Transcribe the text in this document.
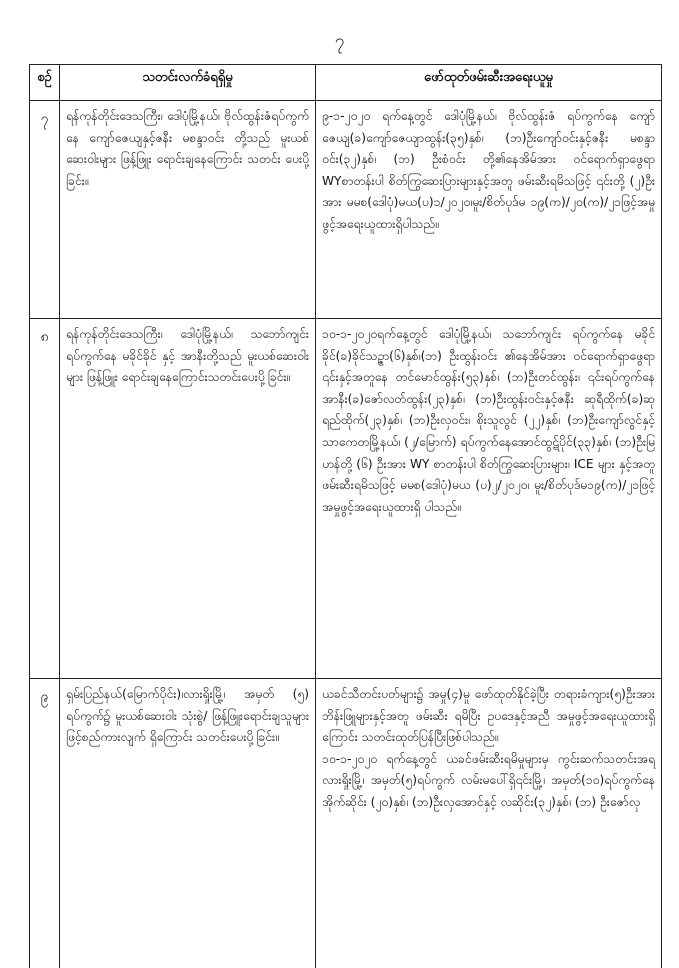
၇
စဉ်	သတင်းလက်ခံရရှိမှု	ဖော်ထုတ်ဖမ်းဆီးအရေးယူမှု
၇	ရန်ကုန်တိုင်းဒေသကြီး၊ ဒေါပုံမြို့နယ်၊ ဗိုလ်ထွန်းဇံရပ်ကွက်နေ ကျော်ဇေယျနှင့်ဇနီး မစန္ဒာဝင်း တို့သည် မူးယစ်ဆေးဝါးများ ဖြန့်ဖြူး ရောင်းချနေကြောင်း သတင်း ပေးပို့ခြင်း။	၉-၁-၂၀၂၀ ရက်နေ့တွင် ဒေါပုံမြို့နယ်၊ ဗိုလ်ထွန်းဇံ ရပ်ကွက်နေ ကျော်ဇေယျ(ခ)ကျော်ဇေယျာထွန်း(၃၅)နှစ်၊ (ဘ)ဦးကျော်ဝင်းနှင့်ဇနီး မစန္ဒာဝင်း(၃၂)နှစ်၊ (ဘ) ဦးစံဝင်း တို့၏နေအိမ်အား ဝင်ရောက်ရှာဖွေရာ WYစာတန်းပါ စိတ်ကြွဆေးပြားများနှင့်အတူ ဖမ်းဆီးရမိသဖြင့် ၎င်းတို့ (၂)ဦးအား မမစ(ဒေါပုံ)မယ(ပ)၁/၂၀၂၀၊မူး/စိတ်ပုဒ်မ ၁၉(က)/၂၀(က)/၂၁ဖြင့်အမှုဖွင့်အရေးယူထားရှိပါသည်။

၈	ရန်ကုန်တိုင်းဒေသကြီး၊ ဒေါပုံမြို့နယ်၊ သဘော်ကျင်း ရပ်ကွက်နေ မခိုင်ခိုင် နှင့် အာနီးတို့သည် မူးယစ်ဆေးဝါးများ ဖြန့်ဖြူး ရောင်းချနေကြောင်းသတင်းပေးပို့ခြင်း။	၁၀-၁-၂၀၂၀ရက်နေ့တွင် ဒေါပုံမြို့နယ်၊ သဘော်ကျင်း ရပ်ကွက်နေ မခိုင်ခိုင်(ခ)ခိုင်သဉ္ဇာ(၆)နှစ်၊(ဘ) ဦးထွန်းဝင်း ၏နေအိမ်အား ဝင်ရောက်ရှာဖွေရာ ၎င်းနှင့်အတူနေ တင်မောင်ထွန်း(၅၃)နှစ်၊ (ဘ)ဦးတင်ထွန်း၊ ၎င်းရပ်ကွက်နေ အာနီး(ခ)ဇော်လတ်ထွန်း(၂၃)နှစ်၊ (ဘ)ဦးထွန်းဝင်းနှင့်ဇနီး ဆုရီထိုက်(ခ)ဆုရည်ထိုက်(၂၃)နှစ်၊ (ဘ)ဦးလှဝင်း၊ စိုးသူလွင် (၂၂)နှစ်၊ (ဘ)ဦးကျော်လွင်နှင့် သာကေတမြို့နယ်၊ (၂/မြောက်) ရပ်ကွက်နေအောင်ထွဋ်ပိုင်(၃၃)နှစ်၊ (ဘ)ဦးမြဟန်တို့ (၆) ဦးအား WY စာတန်းပါ စိတ်ကြွဆေးပြားများ၊ ICE များ နှင့်အတူ ဖမ်းဆီးရမိသဖြင့် မမစ(ဒေါပုံ)မယ (ပ)၂/၂၀၂၀၊ မူး/စိတ်ပုဒ်မ၁၉(က)/၂၁ဖြင့် အမှုဖွင့်အရေးယူထားရှိ ပါသည်။

၉	ရှမ်းပြည်နယ်(မြောက်ပိုင်း)၊လားရှိုးမြို့၊ အမှတ် (၅) ရပ်ကွက်၌ မူးယစ်ဆေးဝါး သုံးစွဲ/ ဖြန့်ဖြူးရောင်းချသူများ ဖြင့်စည်ကားလျက် ရှိကြောင်း သတင်းပေးပို့ခြင်း။	ယခင်သီတင်းပတ်များ၌ အမှု(၄)မှု ဖော်ထုတ်နိုင်ခဲ့ပြီး တရားခံကျား(၅)ဦးအား ဘိန်းဖြူများနှင့်အတူ ဖမ်းဆီး ရမိပြီး ဥပဒေနှင့်အညီ အမှုဖွင့်အရေးယူထားရှိကြောင်း သတင်းထုတ်ပြန်ပြီးဖြစ်ပါသည်။

၁၀-၁-၂၀၂၀ ရက်နေ့တွင် ယခင်ဖမ်းဆီးရမိမှုများမှ ကွင်းဆက်သတင်းအရ လားရှိုးမြို့၊ အမှတ်(၅)ရပ်ကွက် လမ်းမပေါ်ရှိ၎င်းမြို့၊ အမှတ်(၁၀)ရပ်ကွက်နေအိုက်ဆိုင်း (၂၀)နှစ်၊ (ဘ)ဦးလှအောင်နှင့် လဆိုင်း(၃၂)နှစ်၊ (ဘ) ဦးဇော်လှ
